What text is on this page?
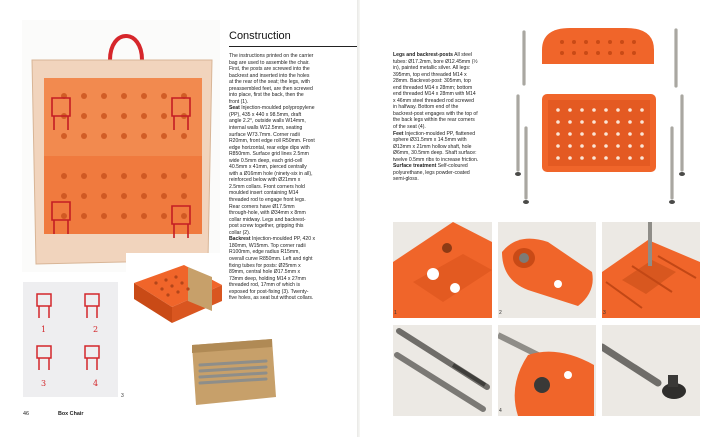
1	2
3	4
3
Construction

The instructions printed on the carrier bag are used to assemble the chair. First, the posts are screwed into the backrest and inserted into the holes at the rear of the seat; the legs, with preassembled feet, are then screwed into place, first the back, then the front (1).

Seat Injection-moulded polypropylene (PP), 435 x 440 x 98.5mm, draft angle 2.2°, outside walls W14mm, internal walls W12.5mm, seating surface W73.7mm. Corner radii R20mm, front edge roll R50mm. Front edge horizontal, rear edge dips with R850mm. Surface grid lines 2.5mm wide 0.5mm deep, each grid-cell 40.5mm x 41mm, pierced centrally with a Ø16mm hole (ninety-six in all), reinforced below with Ø21mm x 2.5mm collars. Front corners hold moulded insert containing M14 threaded rod to engage front legs. Rear corners have Ø17.5mm through-hole, with Ø34mm x 8mm collar midway. Legs and backrest-post screw together, gripping this collar (2).

Backrest Injection-moulded PP, 420 x 180mm, W15mm. Top corner radii R100mm, edge radius R15mm, overall curve R850mm. Left and right fixing tubes for posts: Ø25mm x 89mm, central hole Ø17.5mm x 73mm deep, holding M14 x 27mm threaded rod, 17mm of which is exposed for post-fixing (3). Twenty-five holes, as seat but without collars.

46	Box Chair

Legs and backrest-posts All steel tubes: Ø17.2mm, bore Ø12.45mm (½ in), painted metallic silver. All legs: 395mm, top end threaded M14 x 28mm. Backrest-post: 305mm, top end threaded M14 x 28mm; bottom end threaded M14 x 28mm with M14 x 46mm steel threaded rod screwed in halfway. Bottom end of the backrest-post engages with the top of the back legs within the rear corners of the seat (4).

Feet Injection-moulded PP, flattened sphere Ø31.5mm x 14.5mm with Ø13mm x 21mm hollow shaft, hole Ø6mm, 30.5mm deep. Shaft surface: twelve 0.5mm ribs to increase friction.

Surface treatment Self-coloured polyurethane, legs powder-coated semi-gloss.

1	2	3
4
